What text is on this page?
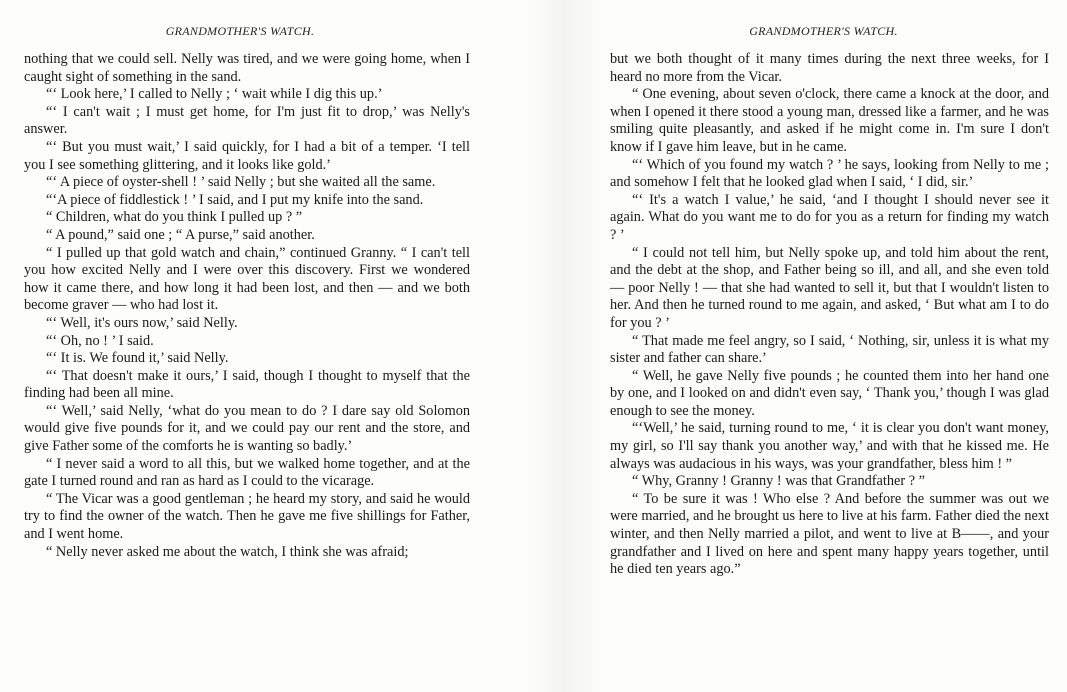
GRANDMOTHER'S WATCH.

nothing that we could sell. Nelly was tired, and we were going home, when I caught sight of something in the sand.

“‘ Look here,’ I called to Nelly ; ‘ wait while I dig this up.’

“‘ I can't wait ; I must get home, for I'm just fit to drop,’ was Nelly's answer.

“‘ But you must wait,’ I said quickly, for I had a bit of a temper. ‘I tell you I see something glittering, and it looks like gold.’

“‘ A piece of oyster-shell ! ’ said Nelly ; but she waited all the same.

“‘A piece of fiddlestick ! ’ I said, and I put my knife into the sand.

“ Children, what do you think I pulled up ? ”

“ A pound,” said one ; “ A purse,” said another.

“ I pulled up that gold watch and chain,” continued Granny. “ I can't tell you how excited Nelly and I were over this discovery. First we wondered how it came there, and how long it had been lost, and then — and we both become graver — who had lost it.

“‘ Well, it's ours now,’ said Nelly.

“‘ Oh, no ! ’ I said.

“‘ It is. We found it,’ said Nelly.

“‘ That doesn't make it ours,’ I said, though I thought to myself that the finding had been all mine.

“‘ Well,’ said Nelly, ‘what do you mean to do ? I dare say old Solomon would give five pounds for it, and we could pay our rent and the store, and give Father some of the comforts he is wanting so badly.’

“ I never said a word to all this, but we walked home together, and at the gate I turned round and ran as hard as I could to the vicarage.

“ The Vicar was a good gentleman ; he heard my story, and said he would try to find the owner of the watch. Then he gave me five shillings for Father, and I went home.

“ Nelly never asked me about the watch, I think she was afraid;

GRANDMOTHER'S WATCH.

but we both thought of it many times during the next three weeks, for I heard no more from the Vicar.

“ One evening, about seven o'clock, there came a knock at the door, and when I opened it there stood a young man, dressed like a farmer, and he was smiling quite pleasantly, and asked if he might come in. I'm sure I don't know if I gave him leave, but in he came.

“‘ Which of you found my watch ? ’ he says, looking from Nelly to me ; and somehow I felt that he looked glad when I said, ‘ I did, sir.’

“‘ It's a watch I value,’ he said, ‘and I thought I should never see it again. What do you want me to do for you as a return for finding my watch ? ’

“ I could not tell him, but Nelly spoke up, and told him about the rent, and the debt at the shop, and Father being so ill, and all, and she even told — poor Nelly ! — that she had wanted to sell it, but that I wouldn't listen to her. And then he turned round to me again, and asked, ‘ But what am I to do for you ? ’

“ That made me feel angry, so I said, ‘ Nothing, sir, unless it is what my sister and father can share.’

“ Well, he gave Nelly five pounds ; he counted them into her hand one by one, and I looked on and didn't even say, ‘ Thank you,’ though I was glad enough to see the money.

“‘Well,’ he said, turning round to me, ‘ it is clear you don't want money, my girl, so I'll say thank you another way,’ and with that he kissed me. He always was audacious in his ways, was your grandfather, bless him ! ”

“ Why, Granny ! Granny ! was that Grandfather ? ”

“ To be sure it was ! Who else ? And before the summer was out we were married, and he brought us here to live at his farm. Father died the next winter, and then Nelly married a pilot, and went to live at B——, and your grandfather and I lived on here and spent many happy years together, until he died ten years ago.”
